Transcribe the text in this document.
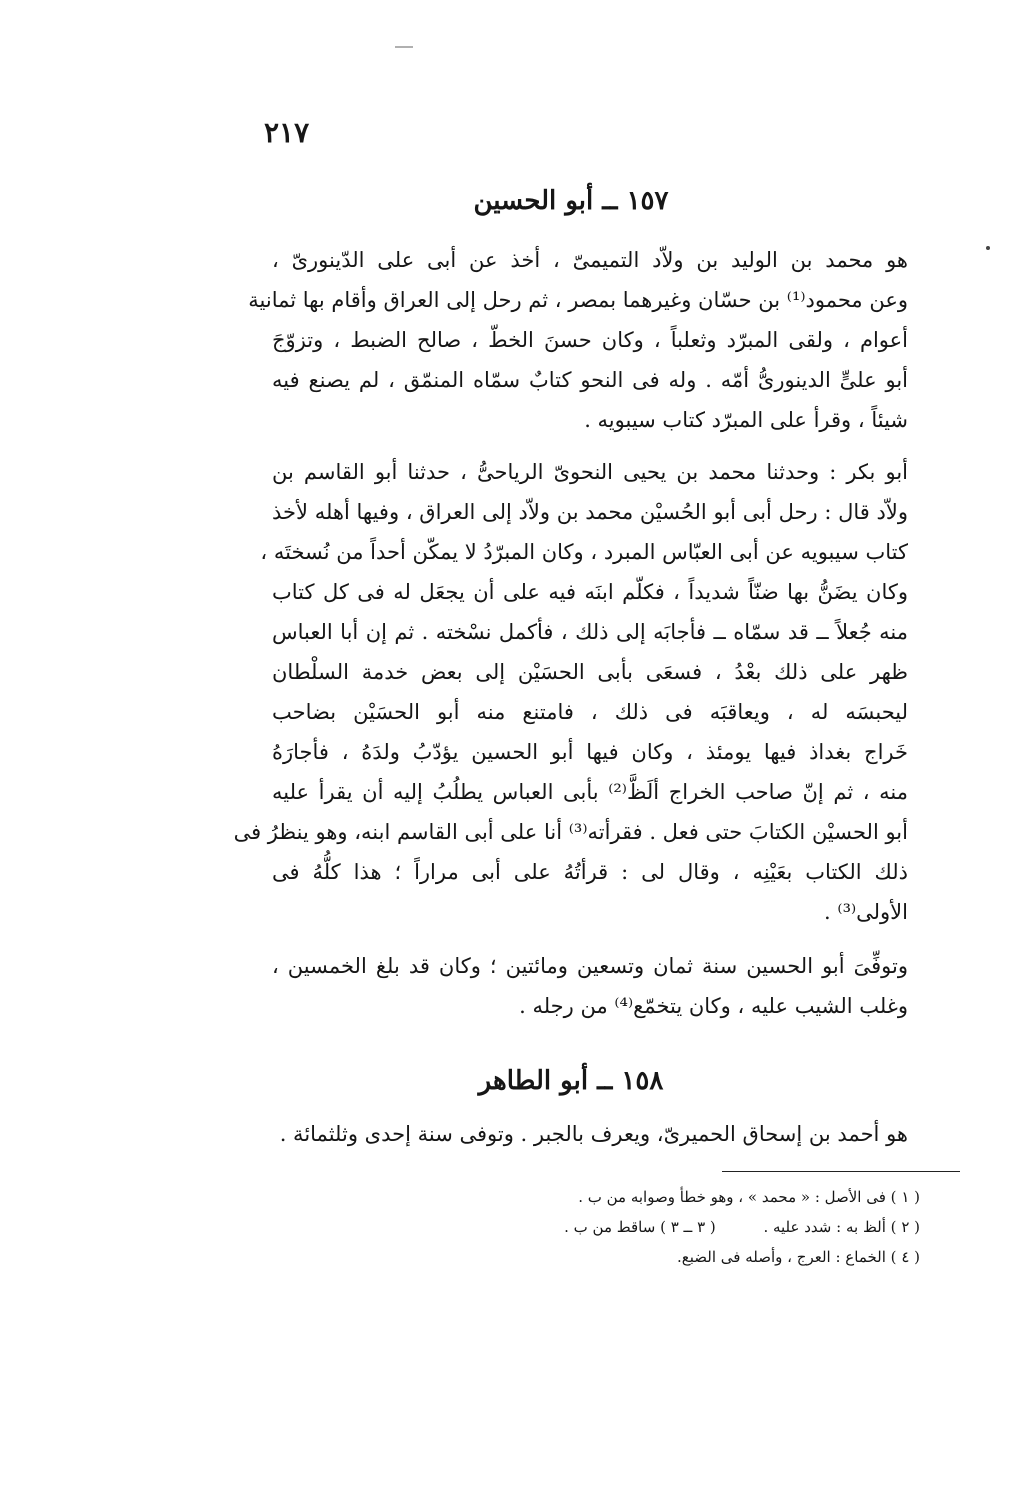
٢١٧
١٥٧ ــ أبو الحسين
هو محمد بن الوليد بن ولاّد التميمىّ ، أخذ عن أبى على الدّينورىّ ،
وعن محمود⁽¹⁾ بن حسّان وغيرهما بمصر ، ثم رحل إلى العراق وأقام بها ثمانية
أعوام ، ولقى المبرّد وثعلباً ، وكان حسنَ الخطّ ، صالح الضبط ، وتزوّجَ
أبو علىٍّ الدينورىُّ أمّه . وله فى النحو كتابٌ سمّاه المنمّق ، لم يصنع فيه
شيئاً ، وقرأ على المبرّد كتاب سيبويه .
أبو بكر : وحدثنا محمد بن يحيى النحوىّ الرياحىُّ ، حدثنا أبو القاسم بن
ولاّد قال : رحل أبى أبو الحُسيْن محمد بن ولاّد إلى العراق ، وفيها أهله لأخذ
كتاب سيبويه عن أبى العبّاس المبرد ، وكان المبرّدُ لا يمكّن أحداً من نُسختَه ،
وكان يضَنُّ بها ضنّاً شديداً ، فكلّم ابنَه فيه على أن يجعَل له فى كل كتاب
منه جُعلاً ــ قد سمّاه ــ فأجابَه إلى ذلك ، فأكمل نسْخته . ثم إن أبا العباس
ظهر على ذلك بعْدُ ، فسعَى بأبى الحسَيْن إلى بعض خدمة السلْطان
ليحبسَه له ، ويعاقبَه فى ذلك ، فامتنع منه أبو الحسَيْن بضاحب
خَراج بغداذ فيها يومئذ ، وكان فيها أبو الحسين يؤدّبُ ولدَهُ ، فأجارَهُ
منه ، ثم إنّ صاحب الخراج ألَظَّ⁽²⁾ بأبى العباس يطلُبُ إليه أن يقرأ عليه
أبو الحسيْن الكتابَ حتى فعل . فقرأته⁽³⁾ أنا على أبى القاسم ابنه، وهو ينظرُ فى
ذلك الكتاب بعَيْنِه ، وقال لى : قرأتُهُ على أبى مراراً ؛ هذا كلُّهُ فى
الأولى⁽³⁾ .
وتوفِّىَ أبو الحسين سنة ثمان وتسعين ومائتين ؛ وكان قد بلغ الخمسين ،
وغلب الشيب عليه ، وكان يتخمّع⁽⁴⁾ من رجله .
١٥٨ ــ أبو الطاهر
هو أحمد بن إسحاق الحميرىّ، ويعرف بالجبر . وتوفى سنة إحدى وثلثمائة .
( ١ ) فى الأصل : « محمد » ، وهو خطأ وصوابه من ب .
( ٢ ) ألظ به : شدد عليه .          ( ٣ ــ ٣ ) ساقط من ب .
( ٤ ) الخماع : العرج ، وأصله فى الضبع.
